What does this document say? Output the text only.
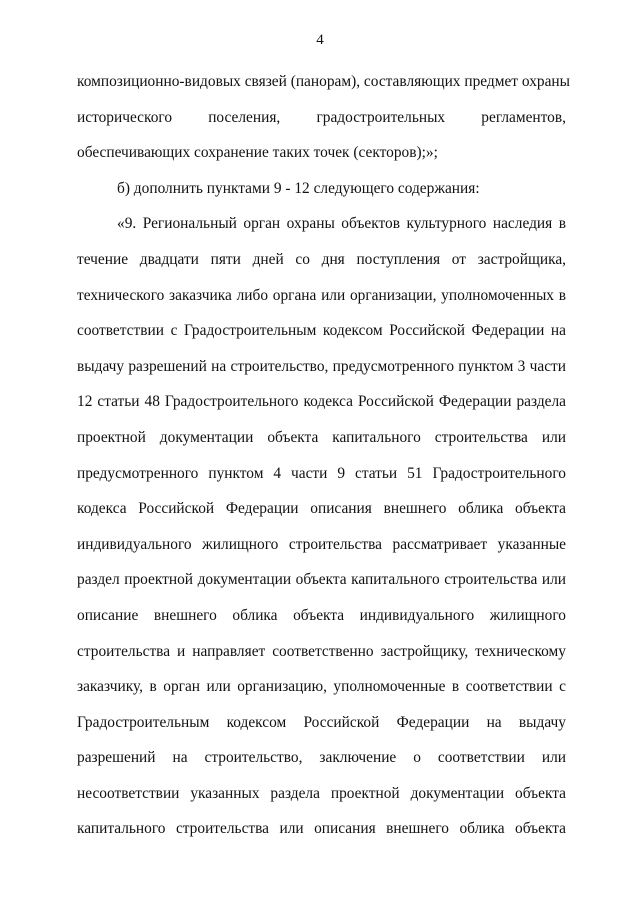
4
композиционно-видовых связей (панорам), составляющих предмет охраны
исторического поселения, градостроительных регламентов,
обеспечивающих сохранение таких точек (секторов);»;
б) дополнить пунктами 9 - 12 следующего содержания:
«9. Региональный орган охраны объектов культурного наследия в
течение двадцати пяти дней со дня поступления от застройщика,
технического заказчика либо органа или организации, уполномоченных в
соответствии с Градостроительным кодексом Российской Федерации на
выдачу разрешений на строительство, предусмотренного пунктом 3 части
12 статьи 48 Градостроительного кодекса Российской Федерации раздела
проектной документации объекта капитального строительства или
предусмотренного пунктом 4 части 9 статьи 51 Градостроительного
кодекса Российской Федерации описания внешнего облика объекта
индивидуального жилищного строительства рассматривает указанные
раздел проектной документации объекта капитального строительства или
описание внешнего облика объекта индивидуального жилищного
строительства и направляет соответственно застройщику, техническому
заказчику, в орган или организацию, уполномоченные в соответствии с
Градостроительным кодексом Российской Федерации на выдачу
разрешений на строительство, заключение о соответствии или
несоответствии указанных раздела проектной документации объекта
капитального строительства или описания внешнего облика объекта
